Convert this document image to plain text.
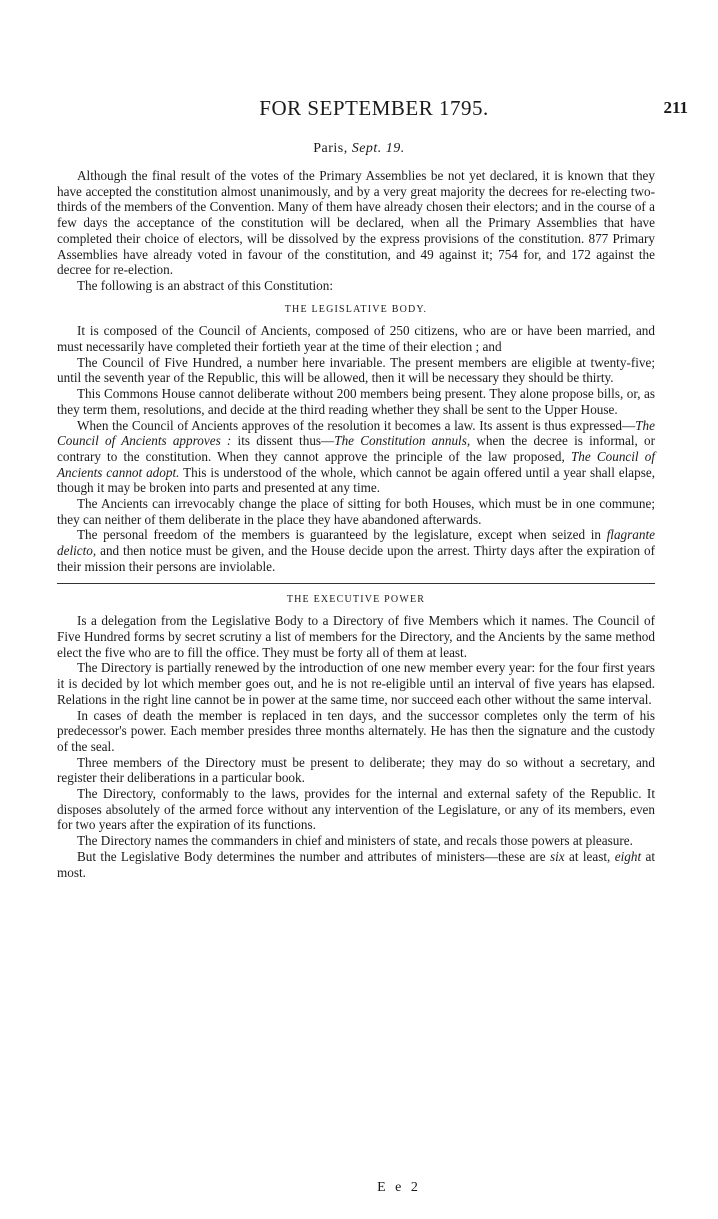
FOR SEPTEMBER 1795.	211
Paris, Sept. 19.

Although the final result of the votes of the Primary Assemblies be not yet declared, it is known that they have accepted the constitution almost unanimously, and by a very great majority the decrees for re-electing two-thirds of the members of the Convention. Many of them have already chosen their electors; and in the course of a few days the acceptance of the constitution will be declared, when all the Primary Assemblies that have completed their choice of electors, will be dissolved by the express provisions of the constitution. 877 Primary Assemblies have already voted in favour of the constitution, and 49 against it; 754 for, and 172 against the decree for re-election.

The following is an abstract of this Constitution:

THE LEGISLATIVE BODY.

It is composed of the Council of Ancients, composed of 250 citizens, who are or have been married, and must necessarily have completed their fortieth year at the time of their election ; and

The Council of Five Hundred, a number here invariable. The present members are eligible at twenty-five; until the seventh year of the Republic, this will be allowed, then it will be necessary they should be thirty.

This Commons House cannot deliberate without 200 members being present. They alone propose bills, or, as they term them, resolutions, and decide at the third reading whether they shall be sent to the Upper House.

When the Council of Ancients approves of the resolution it becomes a law. Its assent is thus expressed—The Council of Ancients approves : its dissent thus—The Constitution annuls, when the decree is informal, or contrary to the constitution. When they cannot approve the principle of the law proposed, The Council of Ancients cannot adopt. This is understood of the whole, which cannot be again offered until a year shall elapse, though it may be broken into parts and presented at any time.

The Ancients can irrevocably change the place of sitting for both Houses, which must be in one commune; they can neither of them deliberate in the place they have abandoned afterwards.

The personal freedom of the members is guaranteed by the legislature, except when seized in flagrante delicto, and then notice must be given, and the House decide upon the arrest. Thirty days after the expiration of their mission their persons are inviolable.

THE EXECUTIVE POWER

Is a delegation from the Legislative Body to a Directory of five Members which it names. The Council of Five Hundred forms by secret scrutiny a list of members for the Directory, and the Ancients by the same method elect the five who are to fill the office. They must be forty all of them at least.

The Directory is partially renewed by the introduction of one new member every year: for the four first years it is decided by lot which member goes out, and he is not re-eligible until an interval of five years has elapsed. Relations in the right line cannot be in power at the same time, nor succeed each other without the same interval.

In cases of death the member is replaced in ten days, and the successor completes only the term of his predecessor's power. Each member presides three months alternately. He has then the signature and the custody of the seal.

Three members of the Directory must be present to deliberate; they may do so without a secretary, and register their deliberations in a particular book.

The Directory, conformably to the laws, provides for the internal and external safety of the Republic. It disposes absolutely of the armed force without any intervention of the Legislature, or any of its members, even for two years after the expiration of its functions.

The Directory names the commanders in chief and ministers of state, and recals those powers at pleasure.

But the Legislative Body determines the number and attributes of ministers—these are six at least, eight at most.

E e 2
